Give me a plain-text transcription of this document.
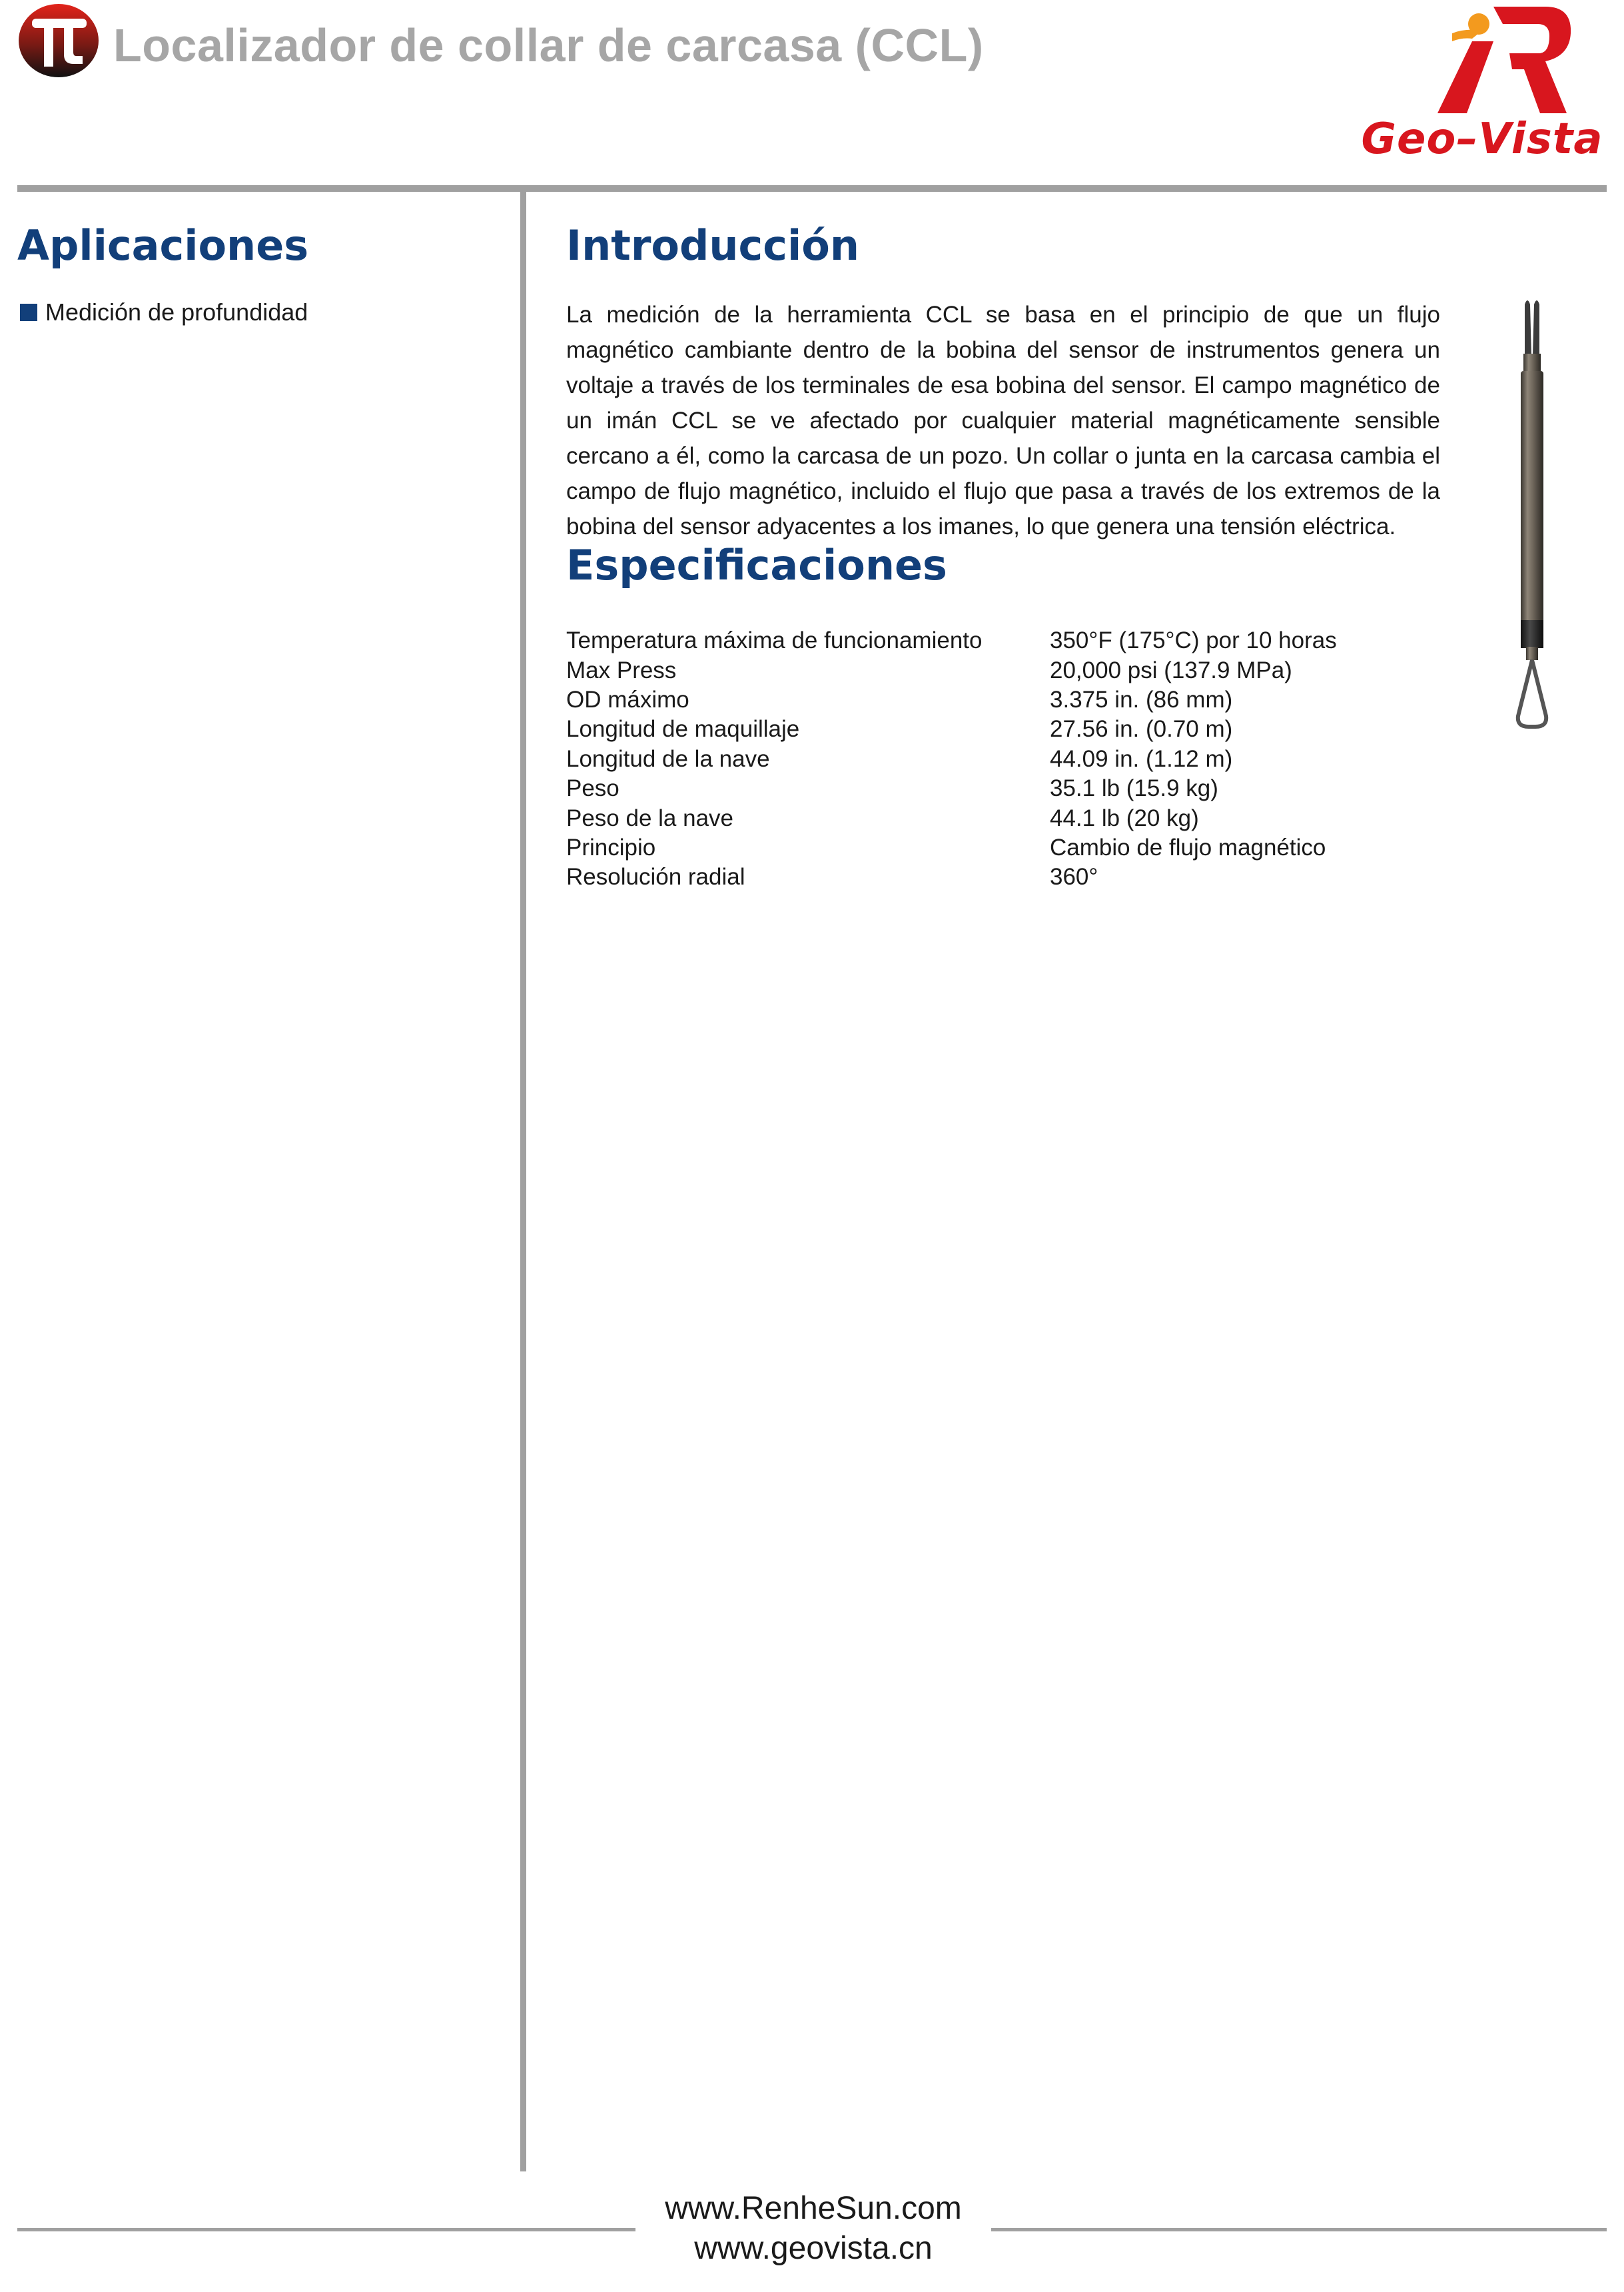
Localizador de collar de carcasa (CCL)
Geo–Vista
Aplicaciones
Medición de profundidad
Introducción
La medición de la herramienta CCL se basa en el principio de que un flujo magnético cambiante dentro de la bobina del sensor de instrumentos genera un voltaje a través de los terminales de esa bobina del sensor. El campo magnético de un imán CCL se ve afectado por cualquier material magnéticamente sensible cercano a él, como la carcasa de un pozo. Un collar o junta en la carcasa cambia el campo de flujo magnético, incluido el flujo que pasa a través de los extremos de la bobina del sensor adyacentes a los imanes, lo que genera una tensión eléctrica.
Especificaciones
Temperatura máxima de funcionamiento	350°F (175°C) por 10 horas
Max Press	20,000 psi (137.9 MPa)
OD máximo	3.375 in. (86 mm)
Longitud de maquillaje	27.56 in. (0.70 m)
Longitud de la nave	44.09 in. (1.12 m)
Peso	35.1 lb (15.9 kg)
Peso de la nave	44.1 lb (20 kg)
Principio	Cambio de flujo magnético
Resolución radial	360°
www.RenheSun.com
www.geovista.cn
